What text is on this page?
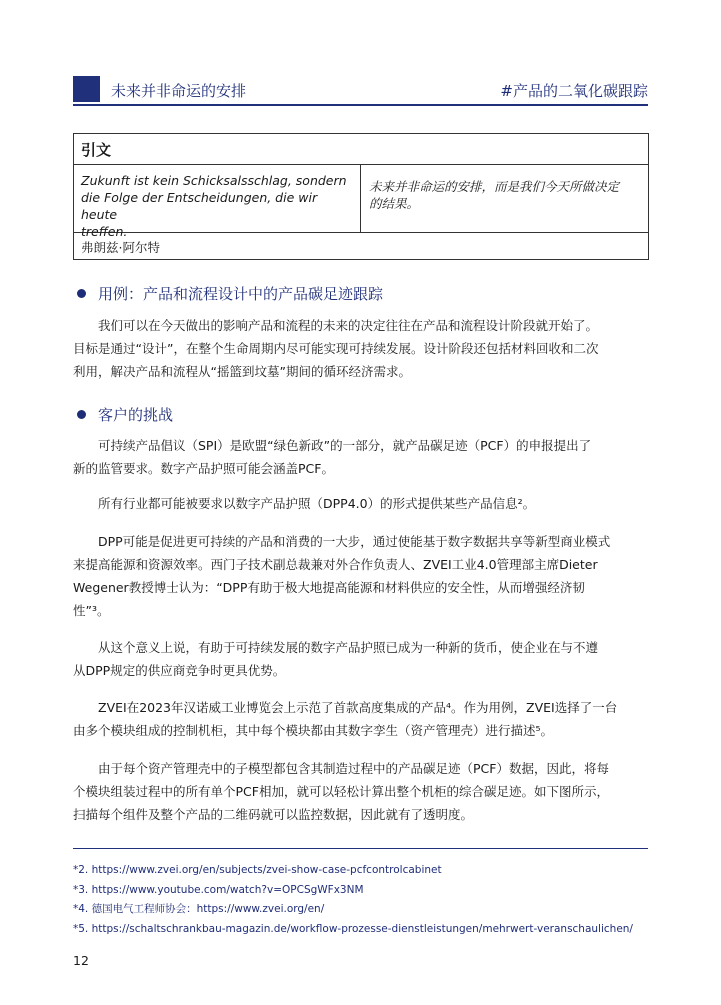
未来并非命运的安排	#产品的二氧化碳跟踪
引文
Zukunft ist kein Schicksalsschlag, sondern
die Folge der Entscheidungen, die wir heute
treffen.
未来并非命运的安排，而是我们今天所做决定
的结果。
弗朗兹·阿尔特
用例：产品和流程设计中的产品碳足迹跟踪
我们可以在今天做出的影响产品和流程的未来的决定往往在产品和流程设计阶段就开始了。
目标是通过“设计”，在整个生命周期内尽可能实现可持续发展。设计阶段还包括材料回收和二次
利用，解决产品和流程从“摇篮到坟墓”期间的循环经济需求。
客户的挑战
可持续产品倡议（SPI）是欧盟“绿色新政”的一部分，就产品碳足迹（PCF）的申报提出了
新的监管要求。数字产品护照可能会涵盖PCF。
所有行业都可能被要求以数字产品护照（DPP4.0）的形式提供某些产品信息²。
DPP可能是促进更可持续的产品和消费的一大步，通过使能基于数字数据共享等新型商业模式
来提高能源和资源效率。西门子技术副总裁兼对外合作负责人、ZVEI工业4.0管理部主席Dieter
Wegener教授博士认为：“DPP有助于极大地提高能源和材料供应的安全性，从而增强经济韧
性”³。
从这个意义上说，有助于可持续发展的数字产品护照已成为一种新的货币，使企业在与不遵
从DPP规定的供应商竞争时更具优势。
ZVEI在2023年汉诺威工业博览会上示范了首款高度集成的产品⁴。作为用例，ZVEI选择了一台
由多个模块组成的控制机柜，其中每个模块都由其数字孪生（资产管理壳）进行描述⁵。
由于每个资产管理壳中的子模型都包含其制造过程中的产品碳足迹（PCF）数据，因此，将每
个模块组装过程中的所有单个PCF相加，就可以轻松计算出整个机柜的综合碳足迹。如下图所示，
扫描每个组件及整个产品的二维码就可以监控数据，因此就有了透明度。
*2. https://www.zvei.org/en/subjects/zvei-show-case-pcfcontrolcabinet
*3. https://www.youtube.com/watch?v=OPCSgWFx3NM
*4. 德国电气工程师协会：https://www.zvei.org/en/
*5. https://schaltschrankbau-magazin.de/workflow-prozesse-dienstleistungen/mehrwert-veranschaulichen/
12
